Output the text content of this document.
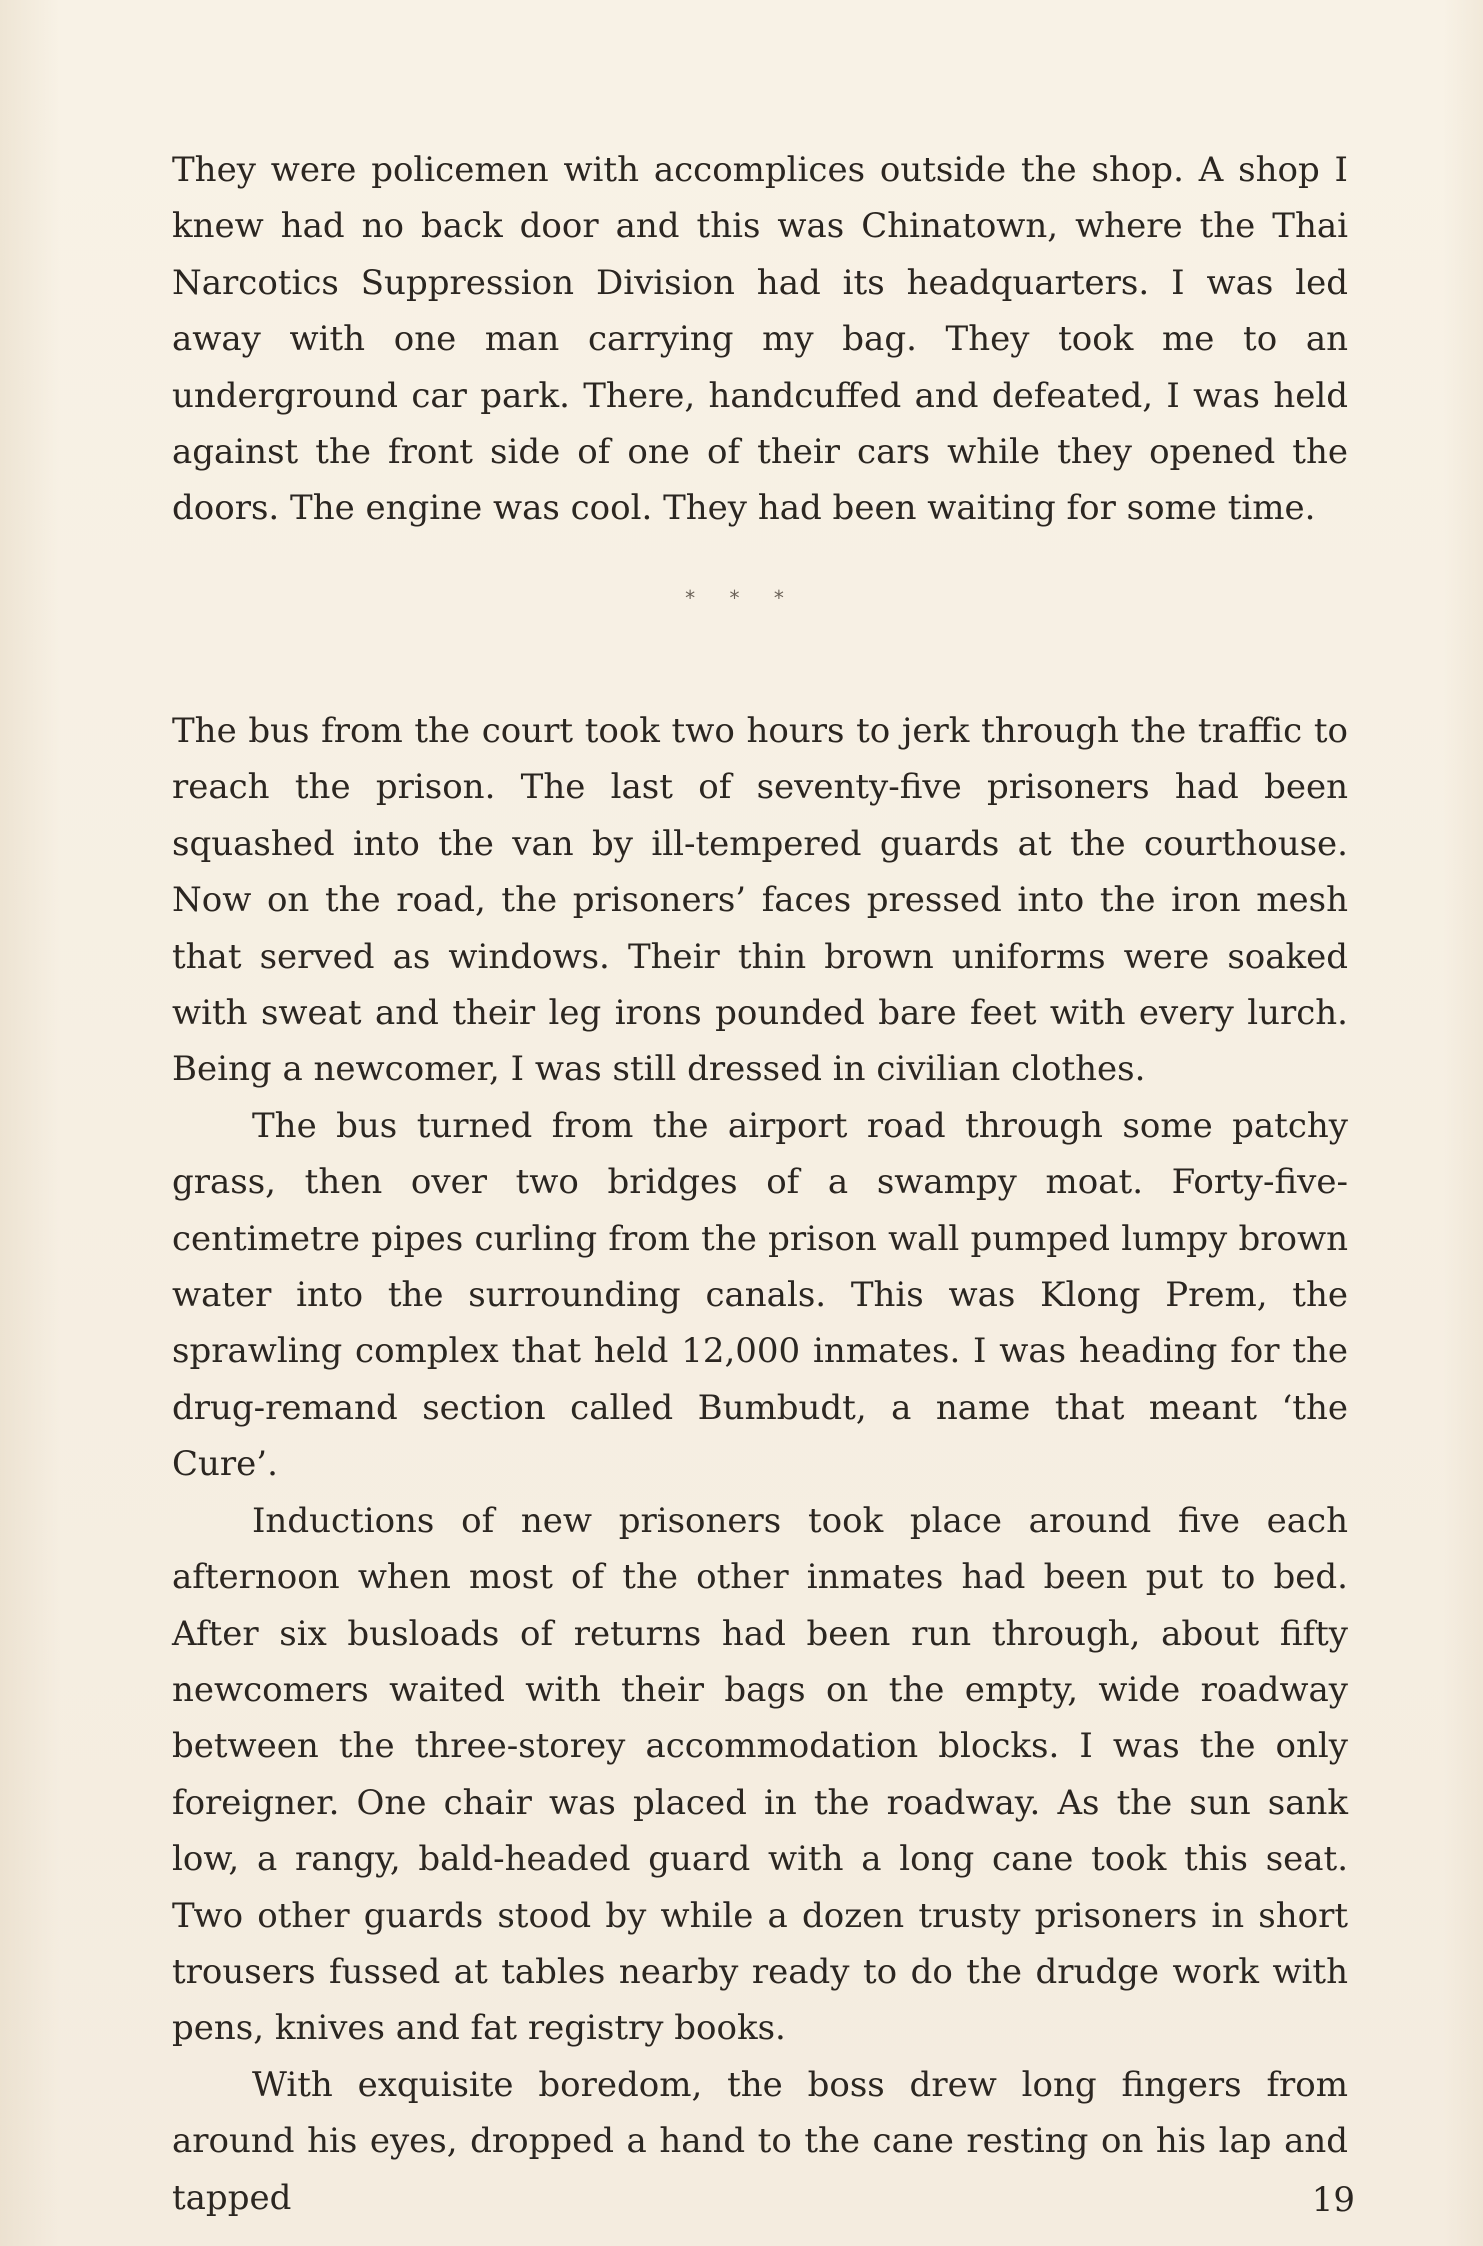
They were policemen with accomplices outside the shop. A shop I knew had no back door and this was Chinatown, where the Thai Narcotics Suppression Division had its headquarters. I was led away with one man carrying my bag. They took me to an underground car park. There, handcuffed and defeated, I was held against the front side of one of their cars while they opened the doors. The engine was cool. They had been waiting for some time.

* * *

The bus from the court took two hours to jerk through the traffic to reach the prison. The last of seventy-five prisoners had been squashed into the van by ill-tempered guards at the courthouse. Now on the road, the prisoners’ faces pressed into the iron mesh that served as windows. Their thin brown uniforms were soaked with sweat and their leg irons pounded bare feet with every lurch. Being a newcomer, I was still dressed in civilian clothes.

The bus turned from the airport road through some patchy grass, then over two bridges of a swampy moat. Forty-five-centimetre pipes curling from the prison wall pumped lumpy brown water into the surrounding canals. This was Klong Prem, the sprawling complex that held 12,000 inmates. I was heading for the drug-remand section called Bumbudt, a name that meant ‘the Cure’.

Inductions of new prisoners took place around five each afternoon when most of the other inmates had been put to bed. After six busloads of returns had been run through, about fifty newcomers waited with their bags on the empty, wide roadway between the three-storey accommodation blocks. I was the only foreigner. One chair was placed in the roadway. As the sun sank low, a rangy, bald-headed guard with a long cane took this seat. Two other guards stood by while a dozen trusty prisoners in short trousers fussed at tables nearby ready to do the drudge work with pens, knives and fat registry books.

With exquisite boredom, the boss drew long fingers from around his eyes, dropped a hand to the cane resting on his lap and tapped	19
